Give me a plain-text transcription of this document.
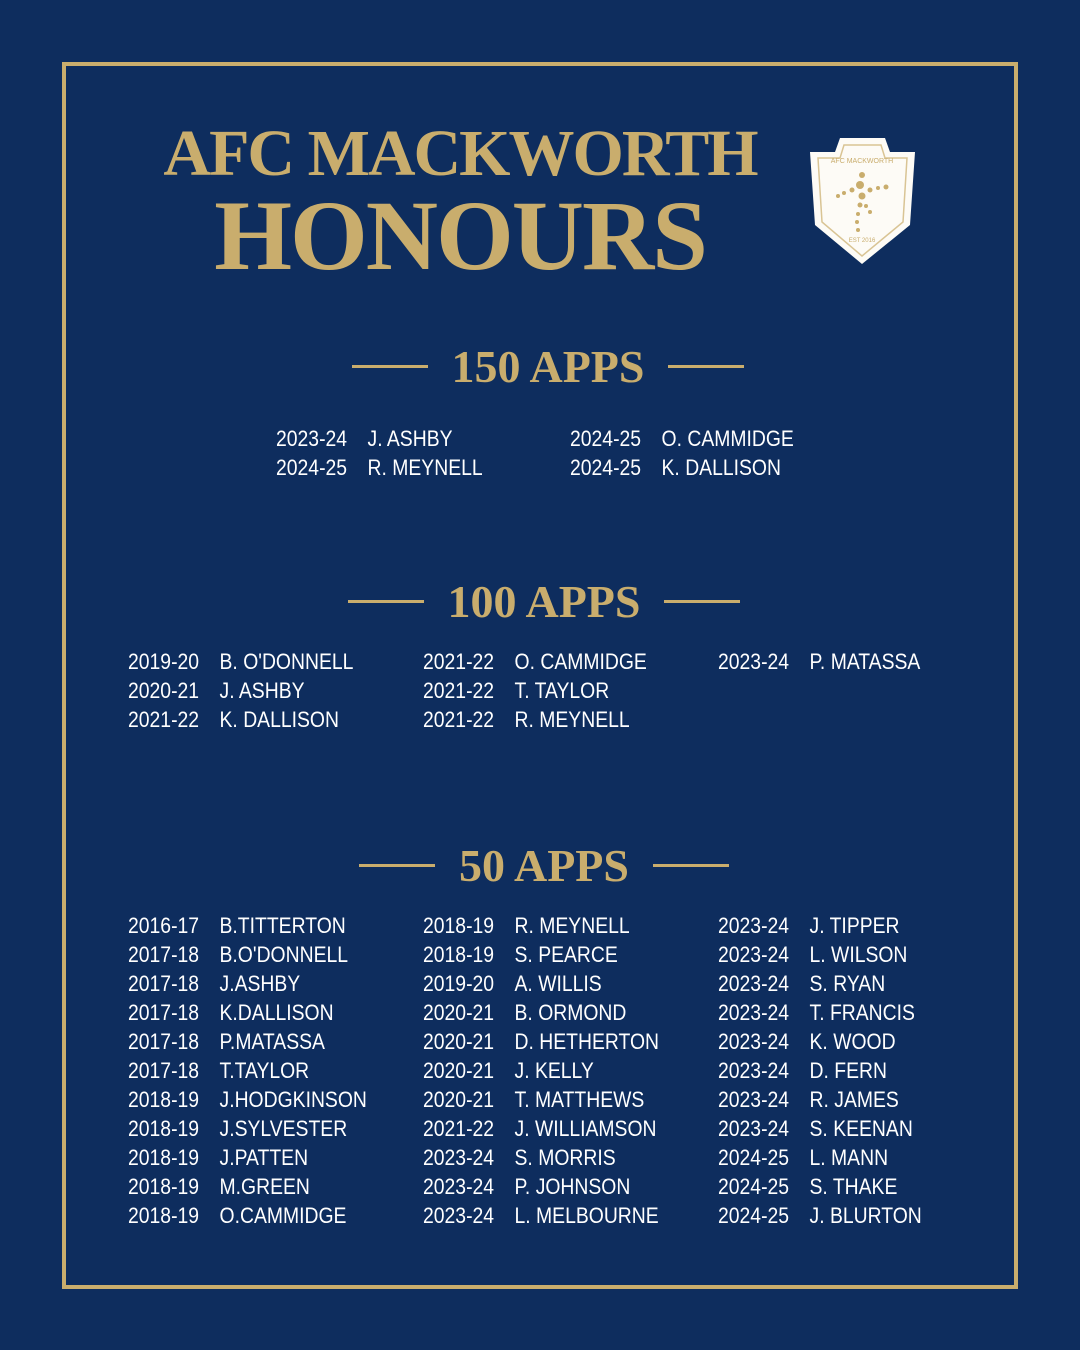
AFC MACKWORTH
HONOURS
AFC MACKWORTH
EST 2016
150 APPS
2023-24 J. ASHBY
2024-25 R. MEYNELL
2024-25 O. CAMMIDGE
2024-25 K. DALLISON
100 APPS
2019-20 B. O'DONNELL
2020-21 J. ASHBY
2021-22 K. DALLISON
2021-22 O. CAMMIDGE
2021-22 T. TAYLOR
2021-22 R. MEYNELL
2023-24 P. MATASSA
50 APPS
2016-17 B.TITTERTON
2017-18 B.O'DONNELL
2017-18 J.ASHBY
2017-18 K.DALLISON
2017-18 P.MATASSA
2017-18 T.TAYLOR
2018-19 J.HODGKINSON
2018-19 J.SYLVESTER
2018-19 J.PATTEN
2018-19 M.GREEN
2018-19 O.CAMMIDGE
2018-19 R. MEYNELL
2018-19 S. PEARCE
2019-20 A. WILLIS
2020-21 B. ORMOND
2020-21 D. HETHERTON
2020-21 J. KELLY
2020-21 T. MATTHEWS
2021-22 J. WILLIAMSON
2023-24 S. MORRIS
2023-24 P. JOHNSON
2023-24 L. MELBOURNE
2023-24 J. TIPPER
2023-24 L. WILSON
2023-24 S. RYAN
2023-24 T. FRANCIS
2023-24 K. WOOD
2023-24 D. FERN
2023-24 R. JAMES
2023-24 S. KEENAN
2024-25 L. MANN
2024-25 S. THAKE
2024-25 J. BLURTON
